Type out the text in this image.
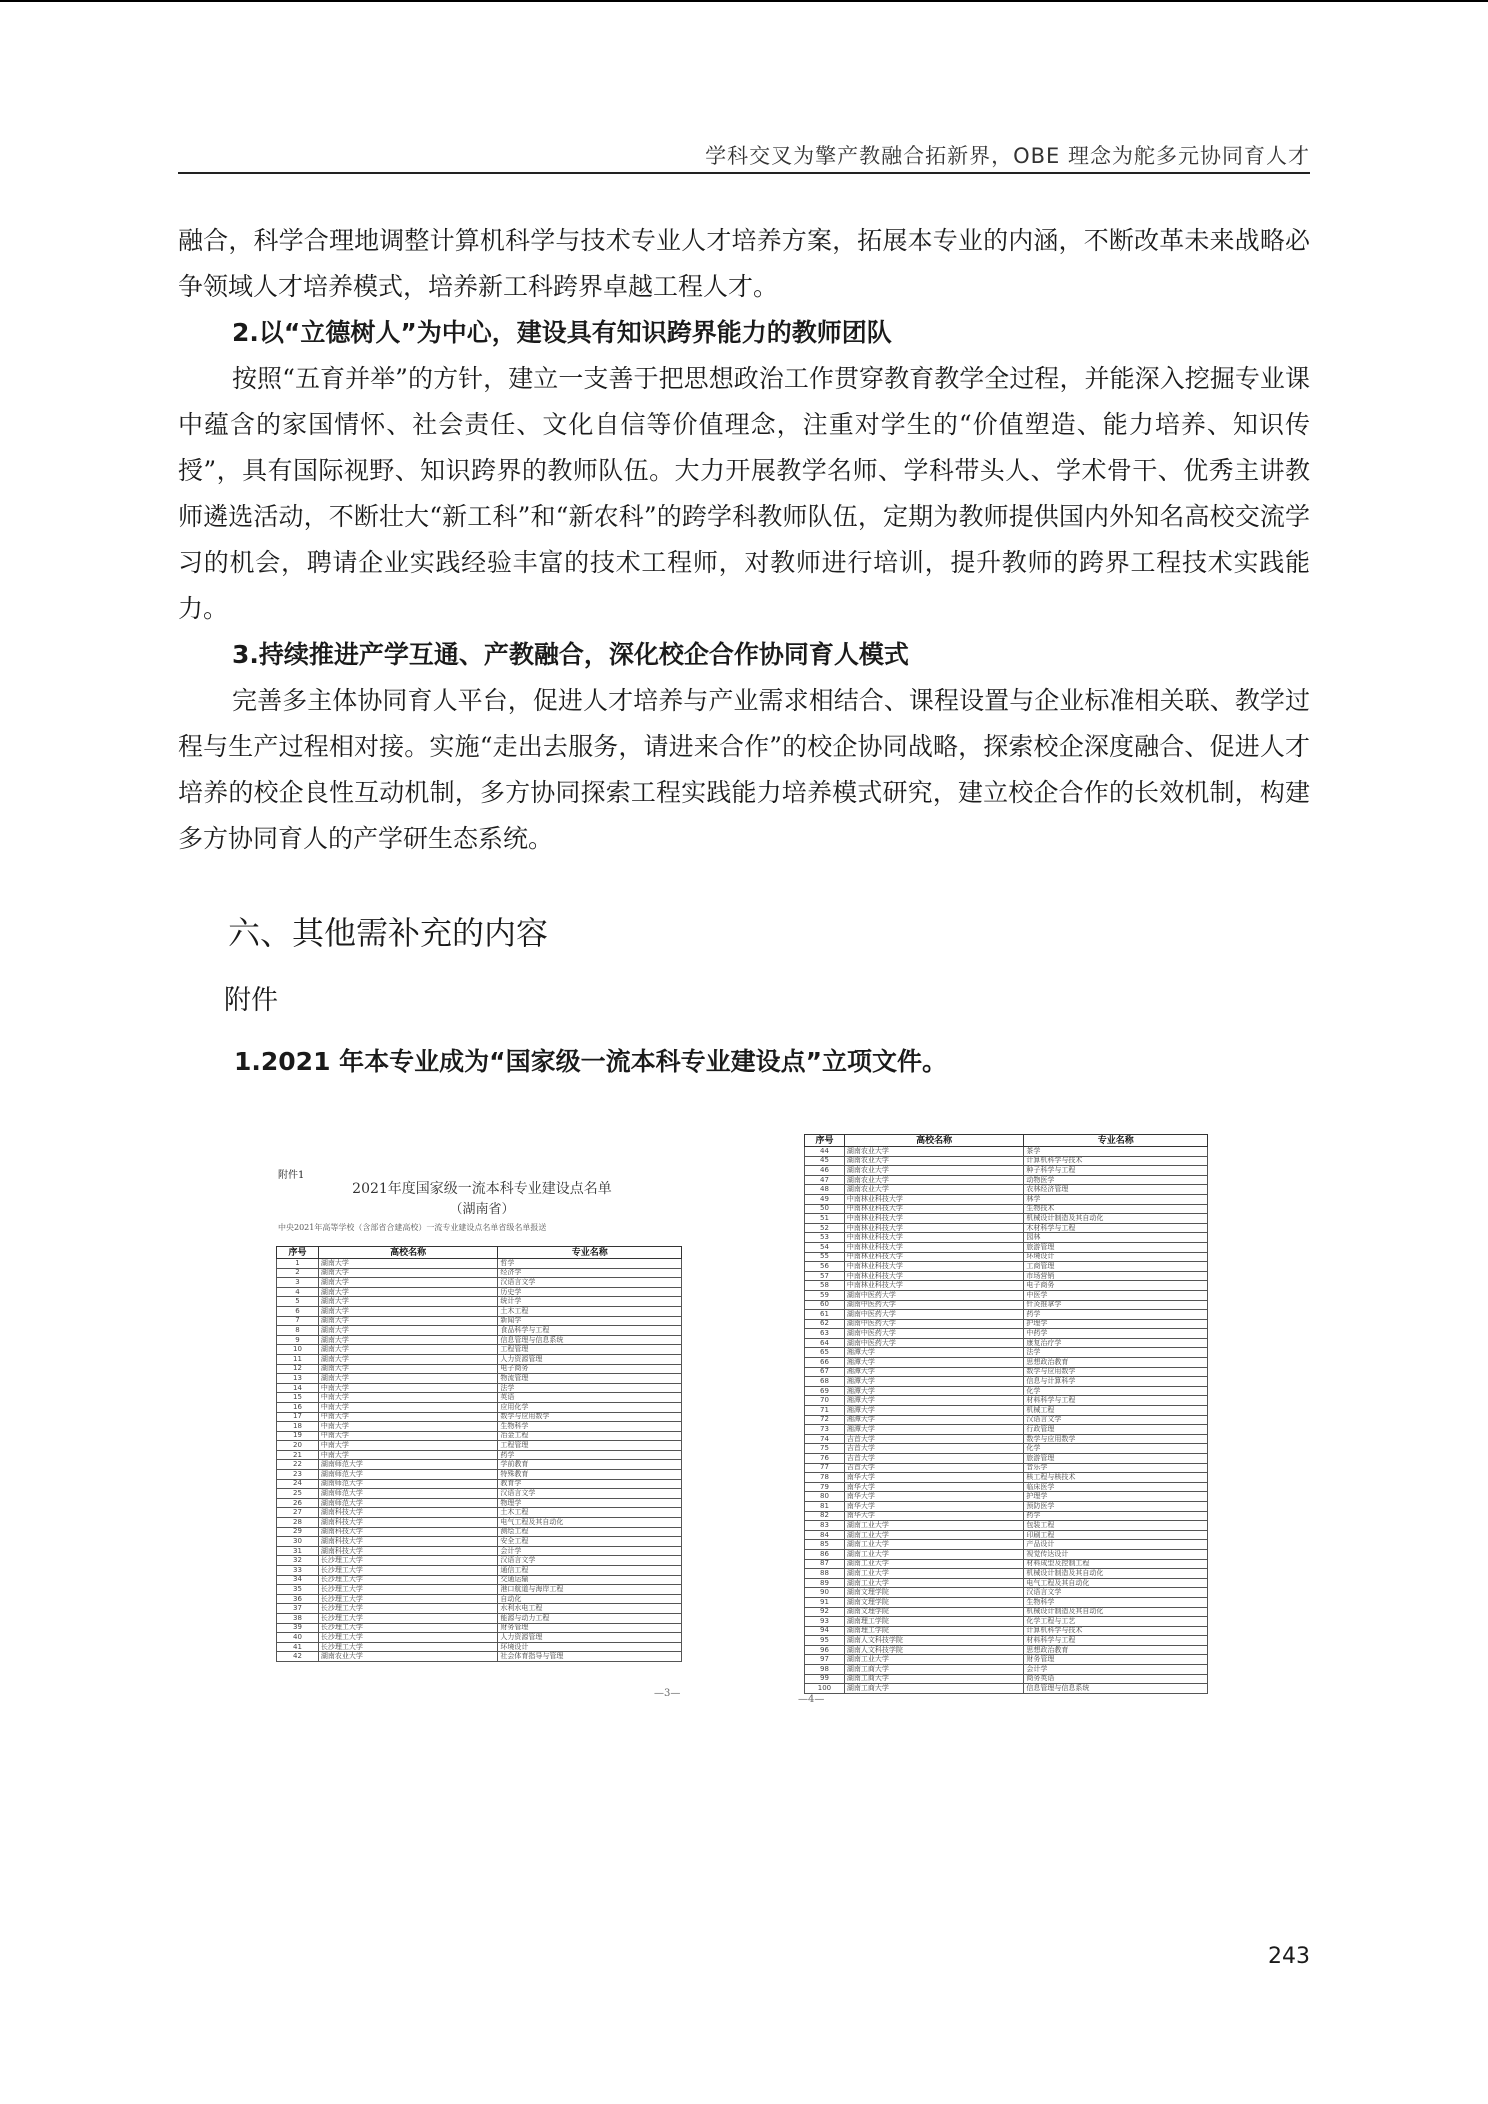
学科交叉为擎产教融合拓新界，OBE 理念为舵多元协同育人才

融合，科学合理地调整计算机科学与技术专业人才培养方案，拓展本专业的内涵，不断改革未来战略必争领域人才培养模式，培养新工科跨界卓越工程人才。

2.以“立德树人”为中心，建设具有知识跨界能力的教师团队

按照“五育并举”的方针，建立一支善于把思想政治工作贯穿教育教学全过程，并能深入挖掘专业课中蕴含的家国情怀、社会责任、文化自信等价值理念，注重对学生的“价值塑造、能力培养、知识传授”，具有国际视野、知识跨界的教师队伍。大力开展教学名师、学科带头人、学术骨干、优秀主讲教师遴选活动，不断壮大“新工科”和“新农科”的跨学科教师队伍，定期为教师提供国内外知名高校交流学习的机会，聘请企业实践经验丰富的技术工程师，对教师进行培训，提升教师的跨界工程技术实践能力。

3.持续推进产学互通、产教融合，深化校企合作协同育人模式

完善多主体协同育人平台，促进人才培养与产业需求相结合、课程设置与企业标准相关联、教学过程与生产过程相对接。实施“走出去服务，请进来合作”的校企协同战略，探索校企深度融合、促进人才培养的校企良性互动机制，多方协同探索工程实践能力培养模式研究，建立校企合作的长效机制，构建多方协同育人的产学研生态系统。

六、其他需补充的内容
附件
1.2021 年本专业成为“国家级一流本科专业建设点”立项文件。
附件1
2021年度国家级一流本科专业建设点名单
（湖南省）
中央2021年高等学校（含部省合建高校）一流专业建设点名单省级名单报送
序号	高校名称	专业名称
1	湖南大学	哲学
2	湖南大学	经济学
3	湖南大学	汉语言文学
4	湖南大学	历史学
5	湖南大学	统计学
6	湖南大学	土木工程
7	湖南大学	新闻学
8	湖南大学	食品科学与工程
9	湖南大学	信息管理与信息系统
10	湖南大学	工程管理
11	湖南大学	人力资源管理
12	湖南大学	电子商务
13	湖南大学	物流管理
14	中南大学	法学
15	中南大学	英语
16	中南大学	应用化学
17	中南大学	数学与应用数学
18	中南大学	生物科学
19	中南大学	冶金工程
20	中南大学	工程管理
21	中南大学	药学
22	湖南师范大学	学前教育
23	湖南师范大学	特殊教育
24	湖南师范大学	教育学
25	湖南师范大学	汉语言文学
26	湖南师范大学	物理学
27	湖南科技大学	土木工程
28	湖南科技大学	电气工程及其自动化
29	湖南科技大学	测绘工程
30	湖南科技大学	安全工程
31	湖南科技大学	会计学
32	长沙理工大学	汉语言文学
33	长沙理工大学	通信工程
34	长沙理工大学	交通运输
35	长沙理工大学	港口航道与海岸工程
36	长沙理工大学	自动化
37	长沙理工大学	水利水电工程
38	长沙理工大学	能源与动力工程
39	长沙理工大学	财务管理
40	长沙理工大学	人力资源管理
41	长沙理工大学	环境设计
42	湖南农业大学	社会体育指导与管理
—3—
序号	高校名称	专业名称
44	湖南农业大学	茶学
45	湖南农业大学	计算机科学与技术
46	湖南农业大学	种子科学与工程
47	湖南农业大学	动物医学
48	湖南农业大学	农林经济管理
49	中南林业科技大学	林学
50	中南林业科技大学	生物技术
51	中南林业科技大学	机械设计制造及其自动化
52	中南林业科技大学	木材科学与工程
53	中南林业科技大学	园林
54	中南林业科技大学	旅游管理
55	中南林业科技大学	环境设计
56	中南林业科技大学	工商管理
57	中南林业科技大学	市场营销
58	中南林业科技大学	电子商务
59	湖南中医药大学	中医学
60	湖南中医药大学	针灸推拿学
61	湖南中医药大学	药学
62	湖南中医药大学	护理学
63	湖南中医药大学	中药学
64	湖南中医药大学	康复治疗学
65	湘潭大学	法学
66	湘潭大学	思想政治教育
67	湘潭大学	数学与应用数学
68	湘潭大学	信息与计算科学
69	湘潭大学	化学
70	湘潭大学	材料科学与工程
71	湘潭大学	机械工程
72	湘潭大学	汉语言文学
73	湘潭大学	行政管理
74	吉首大学	数学与应用数学
75	吉首大学	化学
76	吉首大学	旅游管理
77	吉首大学	音乐学
78	南华大学	核工程与核技术
79	南华大学	临床医学
80	南华大学	护理学
81	南华大学	预防医学
82	南华大学	药学
83	湖南工业大学	包装工程
84	湖南工业大学	印刷工程
85	湖南工业大学	产品设计
86	湖南工业大学	视觉传达设计
87	湖南工业大学	材料成型及控制工程
88	湖南工业大学	机械设计制造及其自动化
89	湖南工业大学	电气工程及其自动化
90	湖南文理学院	汉语言文学
91	湖南文理学院	生物科学
92	湖南文理学院	机械设计制造及其自动化
93	湖南理工学院	化学工程与工艺
94	湖南理工学院	计算机科学与技术
95	湖南人文科技学院	材料科学与工程
96	湖南人文科技学院	思想政治教育
97	湖南工业大学	财务管理
98	湖南工商大学	会计学
99	湖南工商大学	商务英语
100	湖南工商大学	信息管理与信息系统
—4—
243
